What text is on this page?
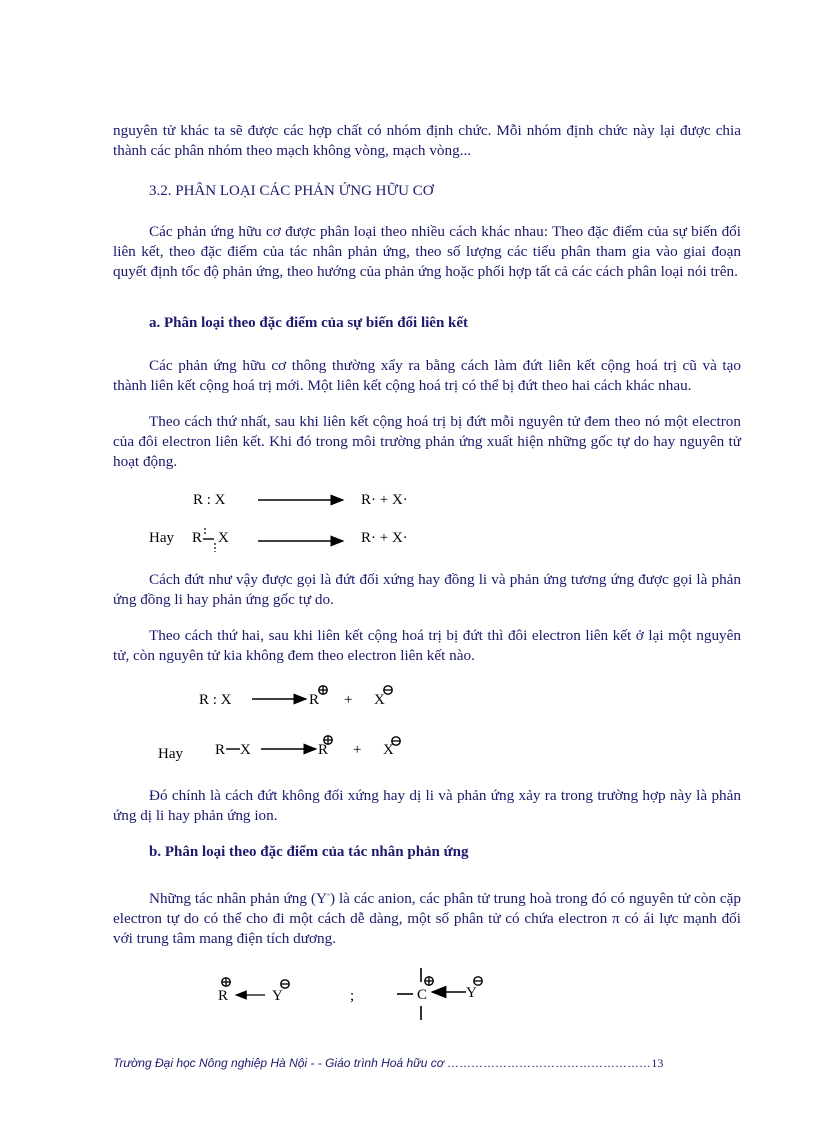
nguyên tử khác ta sẽ được các hợp chất có nhóm định chức. Mỗi nhóm định chức này lại được chia thành các phân nhóm theo mạch không vòng, mạch vòng...

3.2. PHÂN LOẠI CÁC PHẢN ỨNG HỮU CƠ

Các phản ứng hữu cơ được phân loại theo nhiều cách khác nhau: Theo đặc điểm của sự biến đổi liên kết, theo đặc điểm của tác nhân phản ứng, theo số lượng các tiểu phân tham gia vào giai đoạn quyết định tốc độ phản ứng, theo hướng của phản ứng hoặc phối hợp tất cả các cách phân loại nói trên.

a. Phân loại theo đặc điểm của sự biến đổi liên kết

Các phản ứng hữu cơ thông thường xẩy ra bằng cách làm đứt liên kết cộng hoá trị cũ và tạo thành liên kết cộng hoá trị mới. Một liên kết cộng hoá trị có thể bị đứt theo hai cách khác nhau.

Theo cách thứ nhất, sau khi liên kết cộng hoá trị bị đứt mỗi nguyên tử đem theo nó một electron của đôi electron liên kết. Khi đó trong môi trường phản ứng xuất hiện những gốc tự do hay nguyên tử hoạt động.

Cách đứt như vậy được gọi là đứt đối xứng hay đồng li và phản ứng tương ứng được gọi là phản ứng đồng li hay phản ứng gốc tự do.

Theo cách thứ hai, sau khi liên kết cộng hoá trị bị đứt thì đôi electron liên kết ở lại một nguyên tử, còn nguyên tử kia không đem theo electron liên kết nào.

Đó chính là cách đứt không đối xứng hay dị li và phản ứng xảy ra trong trường hợp này là phản ứng dị li hay phản ứng ion.

b. Phân loại theo đặc điểm của tác nhân phản ứng

Những tác nhân phản ứng (Y-) là các anion, các phân tử trung hoà trong đó có nguyên tử còn cặp electron tự do có thể cho đi một cách dễ dàng, một số phân tử có chứa electron π có ái lực mạnh đối với trung tâm mang điện tích dương.

R : X	R· + X·
Hay R X	R· + X·
R : X	R + X
Hay R X	R + X
R	Y	;	C	Y
Trường Đại học Nông nghiệp Hà Nội - - Giáo trình Hoá hữu cơ ……………………………………………13
